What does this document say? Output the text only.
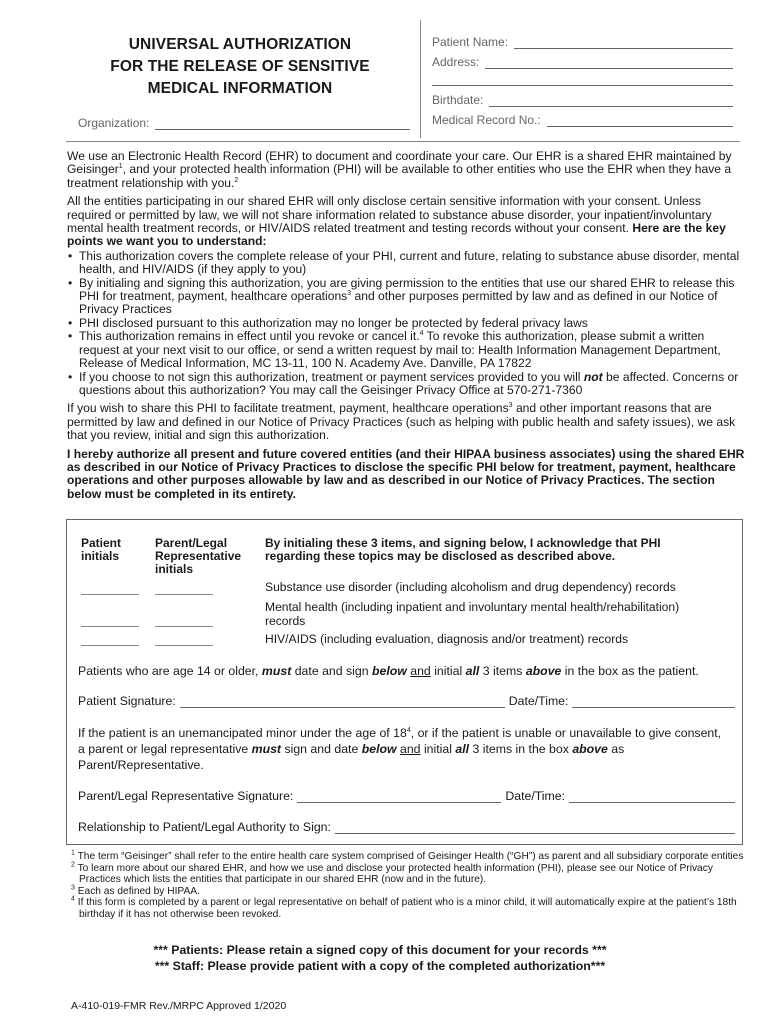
UNIVERSAL AUTHORIZATION
FOR THE RELEASE OF SENSITIVE
MEDICAL INFORMATION
Organization:
Patient Name:
Address:
Birthdate:
Medical Record No.:

We use an Electronic Health Record (EHR) to document and coordinate your care. Our EHR is a shared EHR maintained by Geisinger$^1$, and your protected health information (PHI) will be available to other entities who use the EHR when they have a treatment relationship with you.$^2$

All the entities participating in our shared EHR will only disclose certain sensitive information with your consent. Unless required or permitted by law, we will not share information related to substance abuse disorder, your inpatient/involuntary mental health treatment records, or HIV/AIDS related treatment and testing records without your consent. Here are the key points we want you to understand:

• This authorization covers the complete release of your PHI, current and future, relating to substance abuse disorder, mental health, and HIV/AIDS (if they apply to you)
• By initialing and signing this authorization, you are giving permission to the entities that use our shared EHR to release this PHI for treatment, payment, healthcare operations$^3$ and other purposes permitted by law and as defined in our Notice of Privacy Practices
• PHI disclosed pursuant to this authorization may no longer be protected by federal privacy laws
• This authorization remains in effect until you revoke or cancel it.$^4$ To revoke this authorization, please submit a written request at your next visit to our office, or send a written request by mail to: Health Information Management Department, Release of Medical Information, MC 13-11, 100 N. Academy Ave. Danville, PA 17822
• If you choose to not sign this authorization, treatment or payment services provided to you will not be affected. Concerns or questions about this authorization? You may call the Geisinger Privacy Office at 570-271-7360

If you wish to share this PHI to facilitate treatment, payment, healthcare operations$^3$ and other important reasons that are permitted by law and defined in our Notice of Privacy Practices (such as helping with public health and safety issues), we ask that you review, initial and sign this authorization.

I hereby authorize all present and future covered entities (and their HIPAA business associates) using the shared EHR as described in our Notice of Privacy Practices to disclose the specific PHI below for treatment, payment, healthcare operations and other purposes allowable by law and as described in our Notice of Privacy Practices. The section below must be completed in its entirety.

Patient initials
Parent/Legal Representative initials
By initialing these 3 items, and signing below, I acknowledge that PHI regarding these topics may be disclosed as described above.
Substance use disorder (including alcoholism and drug dependency) records
Mental health (including inpatient and involuntary mental health/rehabilitation) records
HIV/AIDS (including evaluation, diagnosis and/or treatment) records
Patients who are age 14 or older, must date and sign below and initial all 3 items above in the box as the patient.
Patient Signature:	Date/Time:
If the patient is an unemancipated minor under the age of $18^4$, or if the patient is unable or unavailable to give consent, a parent or legal representative must sign and date below and initial all 3 items in the box above as Parent/Representative.
Parent/Legal Representative Signature:	Date/Time:
Relationship to Patient/Legal Authority to Sign:
$^1$ The term “Geisinger” shall refer to the entire health care system comprised of Geisinger Health (“GH”) as parent and all subsidiary corporate entities
$^2$ To learn more about our shared EHR, and how we use and disclose your protected health information (PHI), please see our Notice of Privacy Practices which lists the entities that participate in our shared EHR (now and in the future).
$^3$ Each as defined by HIPAA.
$^4$ If this form is completed by a parent or legal representative on behalf of patient who is a minor child, it will automatically expire at the patient’s 18th birthday if it has not otherwise been revoked.
*** Patients: Please retain a signed copy of this document for your records ***
*** Staff: Please provide patient with a copy of the completed authorization***
A-410-019-FMR Rev./MRPC Approved 1/2020
